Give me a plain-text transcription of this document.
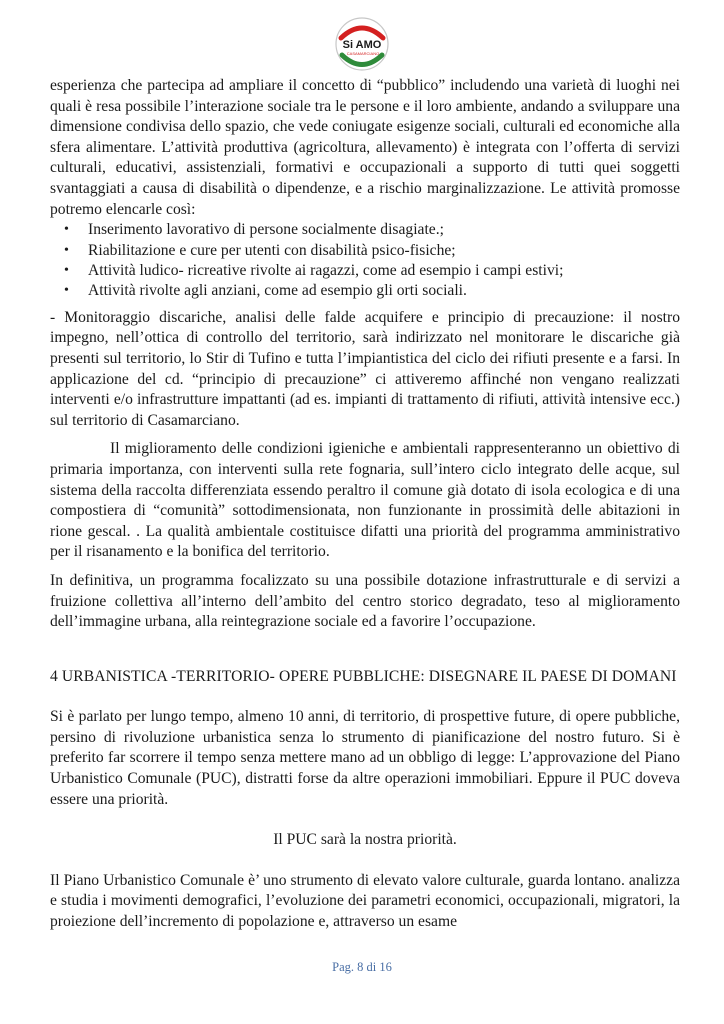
Si AMO
CASAMARCIANO

esperienza che partecipa ad ampliare il concetto di “pubblico” includendo una varietà di luoghi nei quali è resa possibile l’interazione sociale tra le persone e il loro ambiente, andando a sviluppare una dimensione condivisa dello spazio, che vede coniugate esigenze sociali, culturali ed economiche alla sfera alimentare. L’attività produttiva (agricoltura, allevamento) è integrata con l’offerta di servizi culturali, educativi, assistenziali, formativi e occupazionali a supporto di tutti quei soggetti svantaggiati a causa di disabilità o dipendenze, e a rischio marginalizzazione. Le attività promosse potremo elencarle così:

• Inserimento lavorativo di persone socialmente disagiate.;
• Riabilitazione e cure per utenti con disabilità psico-fisiche;
• Attività ludico- ricreative rivolte ai ragazzi, come ad esempio i campi estivi;
• Attività rivolte agli anziani, come ad esempio gli orti sociali.

- Monitoraggio discariche, analisi delle falde acquifere e principio di precauzione: il nostro impegno, nell’ottica di controllo del territorio, sarà indirizzato nel monitorare le discariche già presenti sul territorio, lo Stir di Tufino e tutta l’impiantistica del ciclo dei rifiuti presente e a farsi. In applicazione del cd. “principio di precauzione” ci attiveremo affinché non vengano realizzati interventi e/o infrastrutture impattanti (ad es. impianti di trattamento di rifiuti, attività intensive ecc.) sul territorio di Casamarciano.

Il miglioramento delle condizioni igieniche e ambientali rappresenteranno un obiettivo di primaria importanza, con interventi sulla rete fognaria, sull’intero ciclo integrato delle acque, sul sistema della raccolta differenziata essendo peraltro il comune già dotato di isola ecologica e di una compostiera di “comunità” sottodimensionata, non funzionante in prossimità delle abitazioni in rione gescal. . La qualità ambientale costituisce difatti una priorità del programma amministrativo per il risanamento e la bonifica del territorio.

In definitiva, un programma focalizzato su una possibile dotazione infrastrutturale e di servizi a fruizione collettiva all’interno dell’ambito del centro storico degradato, teso al miglioramento dell’immagine urbana, alla reintegrazione sociale ed a favorire l’occupazione.

4 URBANISTICA -TERRITORIO- OPERE PUBBLICHE: DISEGNARE IL PAESE DI DOMANI

Si è parlato per lungo tempo, almeno 10 anni, di territorio, di prospettive future, di opere pubbliche, persino di rivoluzione urbanistica senza lo strumento di pianificazione del nostro futuro. Si è preferito far scorrere il tempo senza mettere mano ad un obbligo di legge: L’approvazione del Piano Urbanistico Comunale (PUC), distratti forse da altre operazioni immobiliari. Eppure il PUC doveva essere una priorità.

Il PUC sarà la nostra priorità.

Il Piano Urbanistico Comunale è’ uno strumento di elevato valore culturale, guarda lontano. analizza e studia i movimenti demografici, l’evoluzione dei parametri economici, occupazionali, migratori, la proiezione dell’incremento di popolazione e, attraverso un esame

Pag. 8 di 16
